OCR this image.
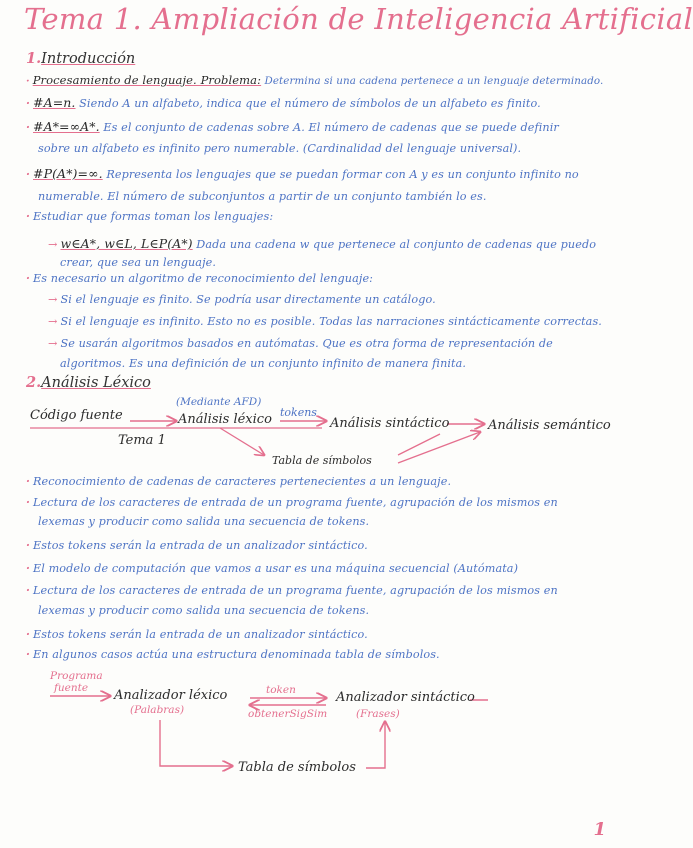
Tema 1. Ampliación de Inteligencia Artificial
1.Introducción
· Procesamiento de lenguaje. Problema: Determina si una cadena pertenece a un lenguaje determinado.
· #A=n. Siendo A un alfabeto, indica que el número de símbolos de un alfabeto es finito.
· #A*=∞A*. Es el conjunto de cadenas sobre A. El número de cadenas que se puede definir
sobre un alfabeto es infinito pero numerable. (Cardinalidad del lenguaje universal).
· #P(A*)=∞. Representa los lenguajes que se puedan formar con A y es un conjunto infinito no
numerable. El número de subconjuntos a partir de un conjunto también lo es.
· Estudiar que formas toman los lenguajes:
→ w∈A*, w∈L, L∈P(A*) Dada una cadena w que pertenece al conjunto de cadenas que puedo
crear, que sea un lenguaje.
· Es necesario un algoritmo de reconocimiento del lenguaje:
→ Si el lenguaje es finito. Se podría usar directamente un catálogo.
→ Si el lenguaje es infinito. Esto no es posible. Todas las narraciones sintácticamente correctas.
→ Se usarán algoritmos basados en autómatas. Que es otra forma de representación de
algoritmos. Es una definición de un conjunto infinito de manera finita.
2.Análisis Léxico
Código fuente
(Mediante AFD)
Análisis léxico tokens
Análisis sintáctico	Análisis semántico
Tema 1
Tabla de símbolos
· Reconocimiento de cadenas de caracteres pertenecientes a un lenguaje.
· Lectura de los caracteres de entrada de un programa fuente, agrupación de los mismos en
lexemas y producir como salida una secuencia de tokens.
· Estos tokens serán la entrada de un analizador sintáctico.
· El modelo de computación que vamos a usar es una máquina secuencial (Autómata)
· Lectura de los caracteres de entrada de un programa fuente, agrupación de los mismos en
lexemas y producir como salida una secuencia de tokens.
· Estos tokens serán la entrada de un analizador sintáctico.
· En algunos casos actúa una estructura denominada tabla de símbolos.
Programa
fuente Analizador léxico
(Palabras)
token
obtenerSigSim
Analizador sintáctico
(Frases)
Tabla de símbolos
1
